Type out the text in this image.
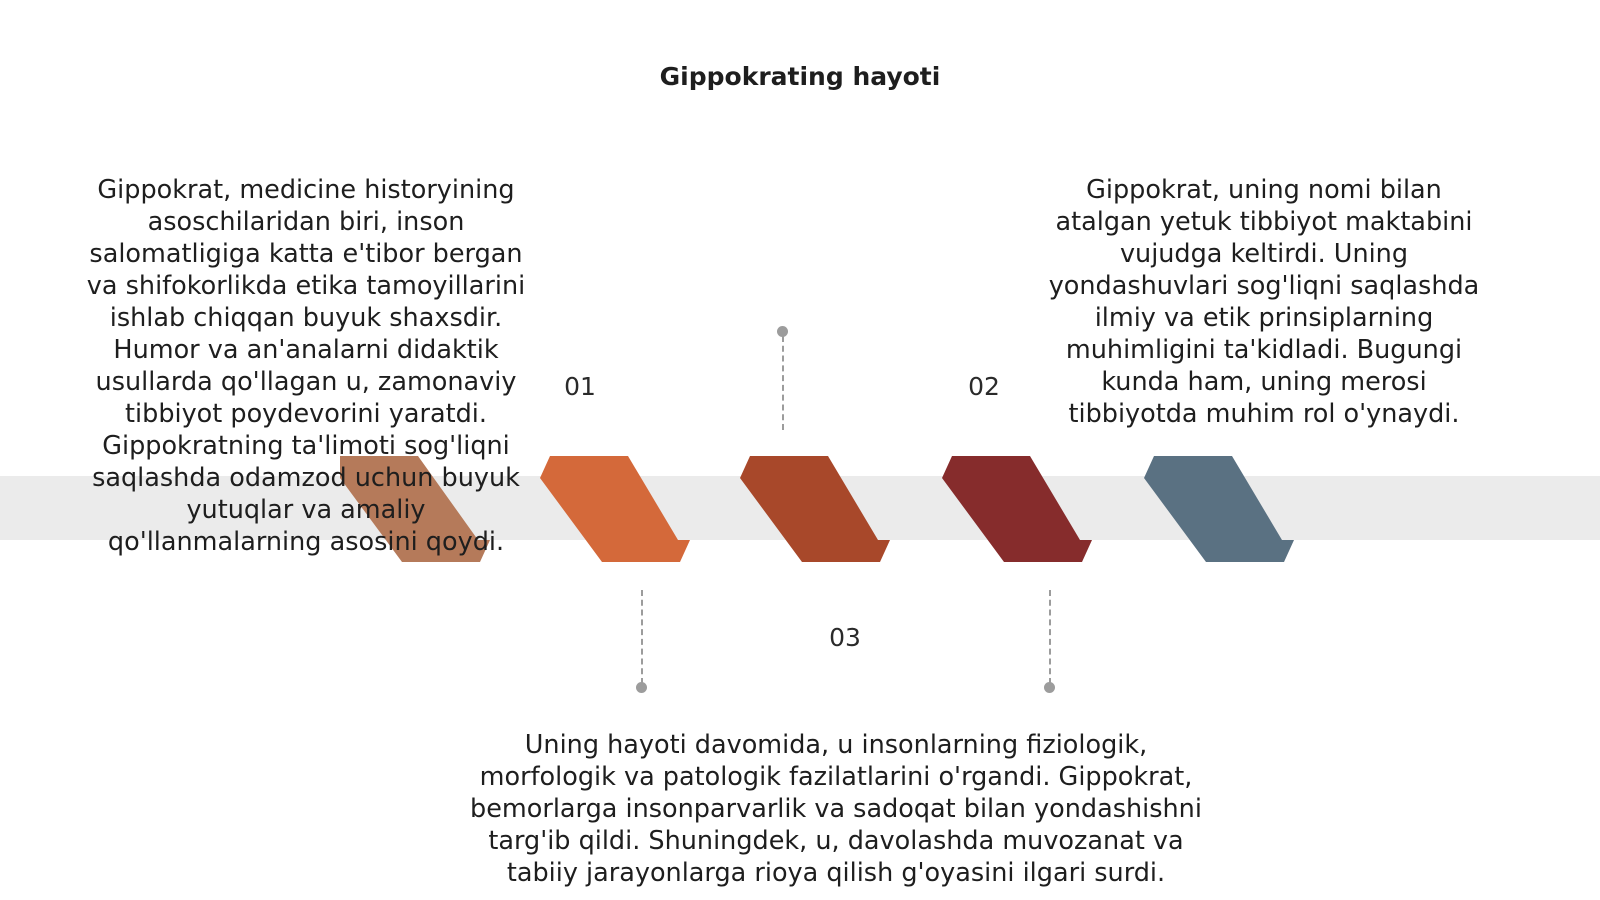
Gippokrating hayoti
01	02
03
Gippokrat, medicine historyining asoschilaridan biri, inson salomatligiga katta e'tibor bergan va shifokorlikda etika tamoyillarini ishlab chiqqan buyuk shaxsdir. Humor va an'analarni didaktik usullarda qo'llagan u, zamonaviy tibbiyot poydevorini yaratdi. Gippokratning ta'limoti sog'liqni saqlashda odamzod uchun buyuk yutuqlar va amaliy qo'llanmalarning asosini qoydi.
Gippokrat, uning nomi bilan atalgan yetuk tibbiyot maktabini vujudga keltirdi. Uning yondashuvlari sog'liqni saqlashda ilmiy va etik prinsiplarning muhimligini ta'kidladi. Bugungi kunda ham, uning merosi tibbiyotda muhim rol o'ynaydi.
Uning hayoti davomida, u insonlarning fiziologik, morfologik va patologik fazilatlarini o'rgandi. Gippokrat, bemorlarga insonparvarlik va sadoqat bilan yondashishni targ'ib qildi. Shuningdek, u, davolashda muvozanat va tabiiy jarayonlarga rioya qilish g'oyasini ilgari surdi.
